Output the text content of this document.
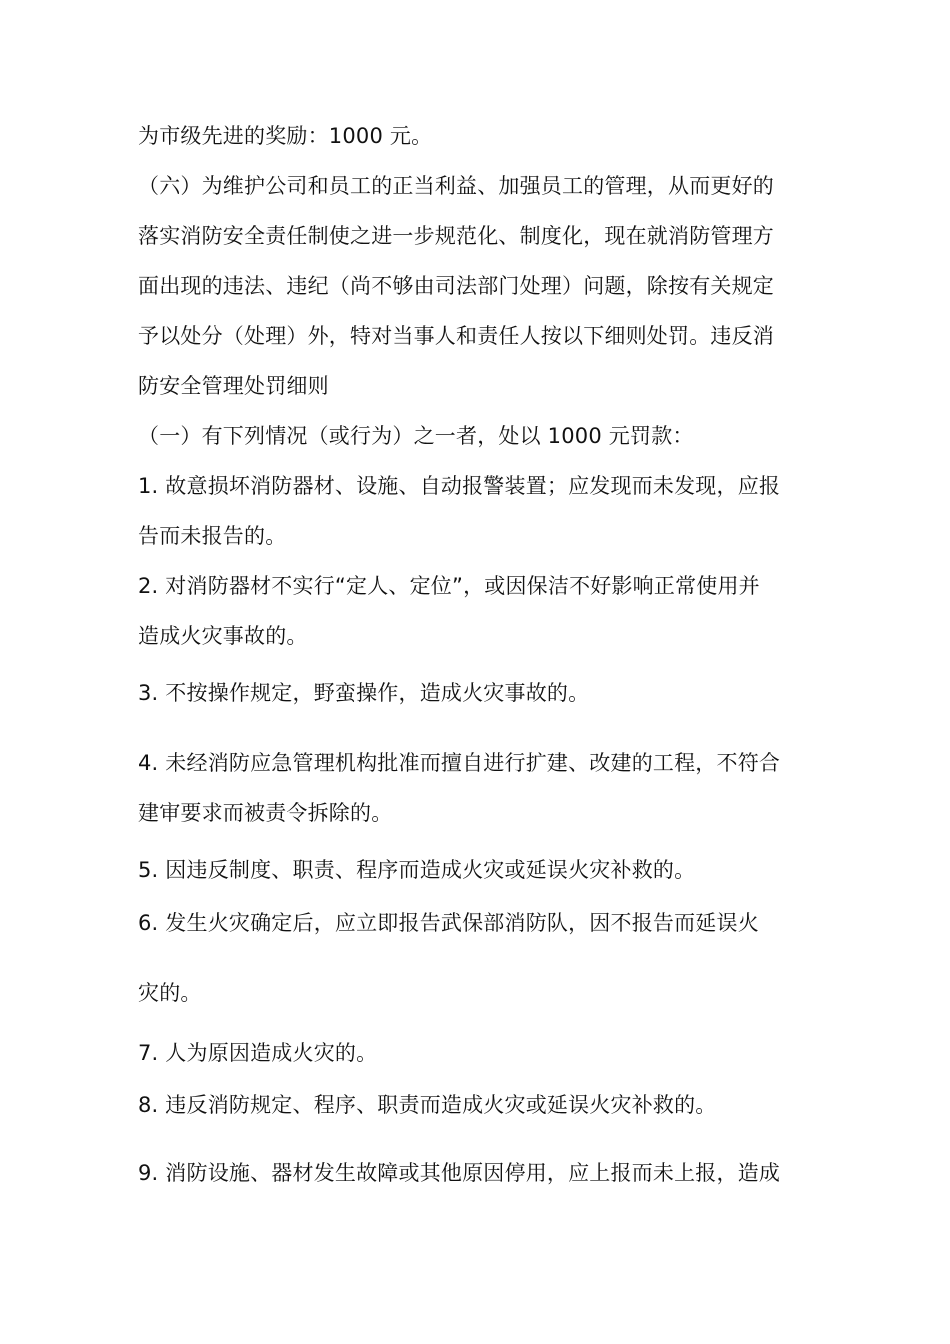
为市级先进的奖励：1000 元。
（六）为维护公司和员工的正当利益、加强员工的管理，从而更好的
落实消防安全责任制使之进一步规范化、制度化，现在就消防管理方
面出现的违法、违纪（尚不够由司法部门处理）问题，除按有关规定
予以处分（处理）外，特对当事人和责任人按以下细则处罚。违反消
防安全管理处罚细则
（一）有下列情况（或行为）之一者，处以 1000 元罚款：
1. 故意损坏消防器材、设施、自动报警装置；应发现而未发现，应报
告而未报告的。
2. 对消防器材不实行“定人、定位”，或因保洁不好影响正常使用并
造成火灾事故的。
3. 不按操作规定，野蛮操作，造成火灾事故的。
4. 未经消防应急管理机构批准而擅自进行扩建、改建的工程，不符合
建审要求而被责令拆除的。
5. 因违反制度、职责、程序而造成火灾或延误火灾补救的。
6. 发生火灾确定后，应立即报告武保部消防队，因不报告而延误火
灾的。
7. 人为原因造成火灾的。
8. 违反消防规定、程序、职责而造成火灾或延误火灾补救的。
9. 消防设施、器材发生故障或其他原因停用，应上报而未上报，造成
